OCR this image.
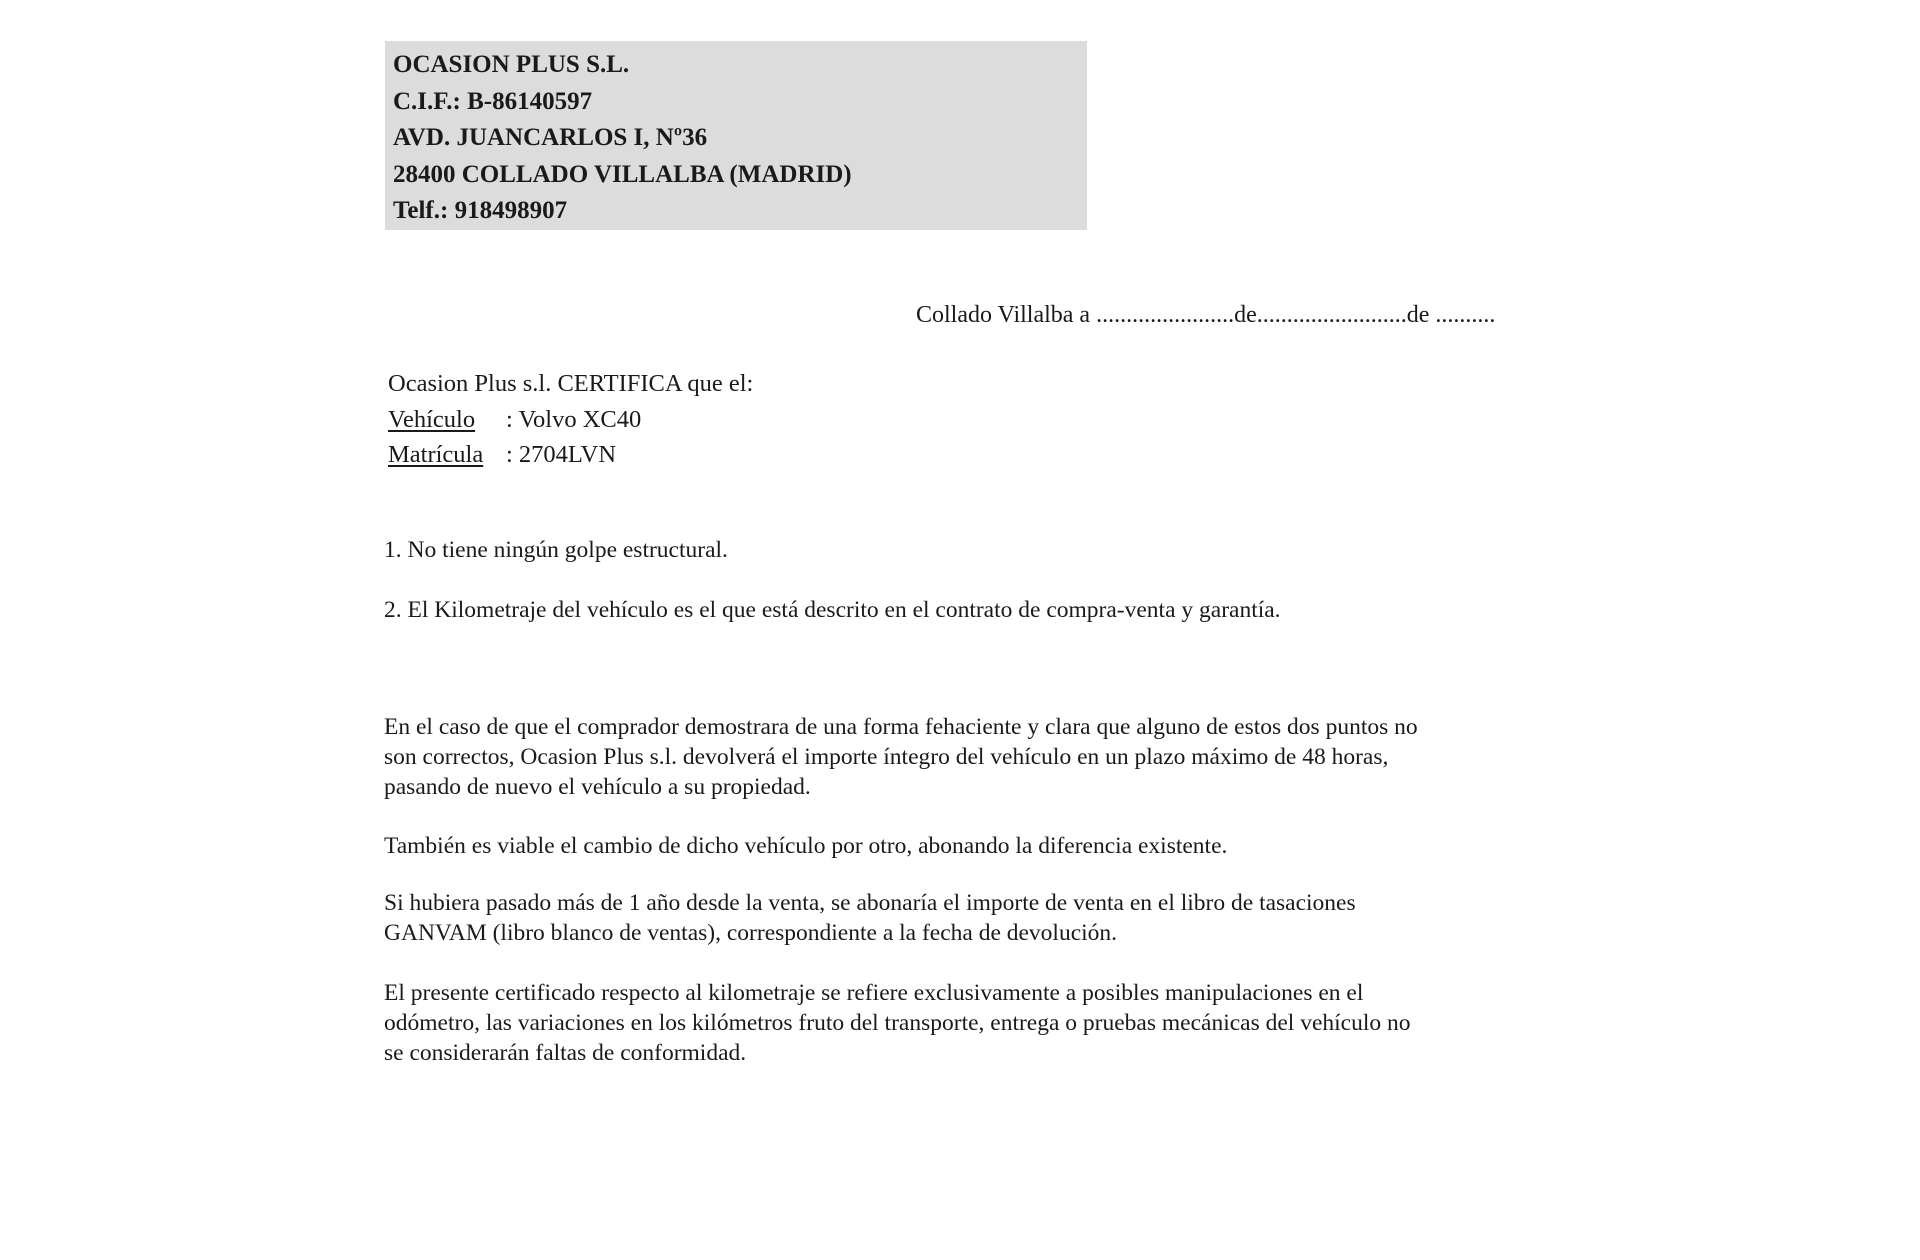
OCASION PLUS S.L.
C.I.F.: B-86140597
AVD. JUANCARLOS I, Nº36
28400 COLLADO VILLALBA (MADRID)
Telf.: 918498907
Collado Villalba a .......................de.........................de ..........
Ocasion Plus s.l. CERTIFICA que el:
Vehículo	: Volvo XC40
Matrícula : 2704LVN
1. No tiene ningún golpe estructural.
2. El Kilometraje del vehículo es el que está descrito en el contrato de compra-venta y garantía.
En el caso de que el comprador demostrara de una forma fehaciente y clara que alguno de estos dos puntos no
son correctos, Ocasion Plus s.l. devolverá el importe íntegro del vehículo en un plazo máximo de 48 horas,
pasando de nuevo el vehículo a su propiedad.
También es viable el cambio de dicho vehículo por otro, abonando la diferencia existente.
Si hubiera pasado más de 1 año desde la venta, se abonaría el importe de venta en el libro de tasaciones
GANVAM (libro blanco de ventas), correspondiente a la fecha de devolución.
El presente certificado respecto al kilometraje se refiere exclusivamente a posibles manipulaciones en el
odómetro, las variaciones en los kilómetros fruto del transporte, entrega o pruebas mecánicas del vehículo no
se considerarán faltas de conformidad.
